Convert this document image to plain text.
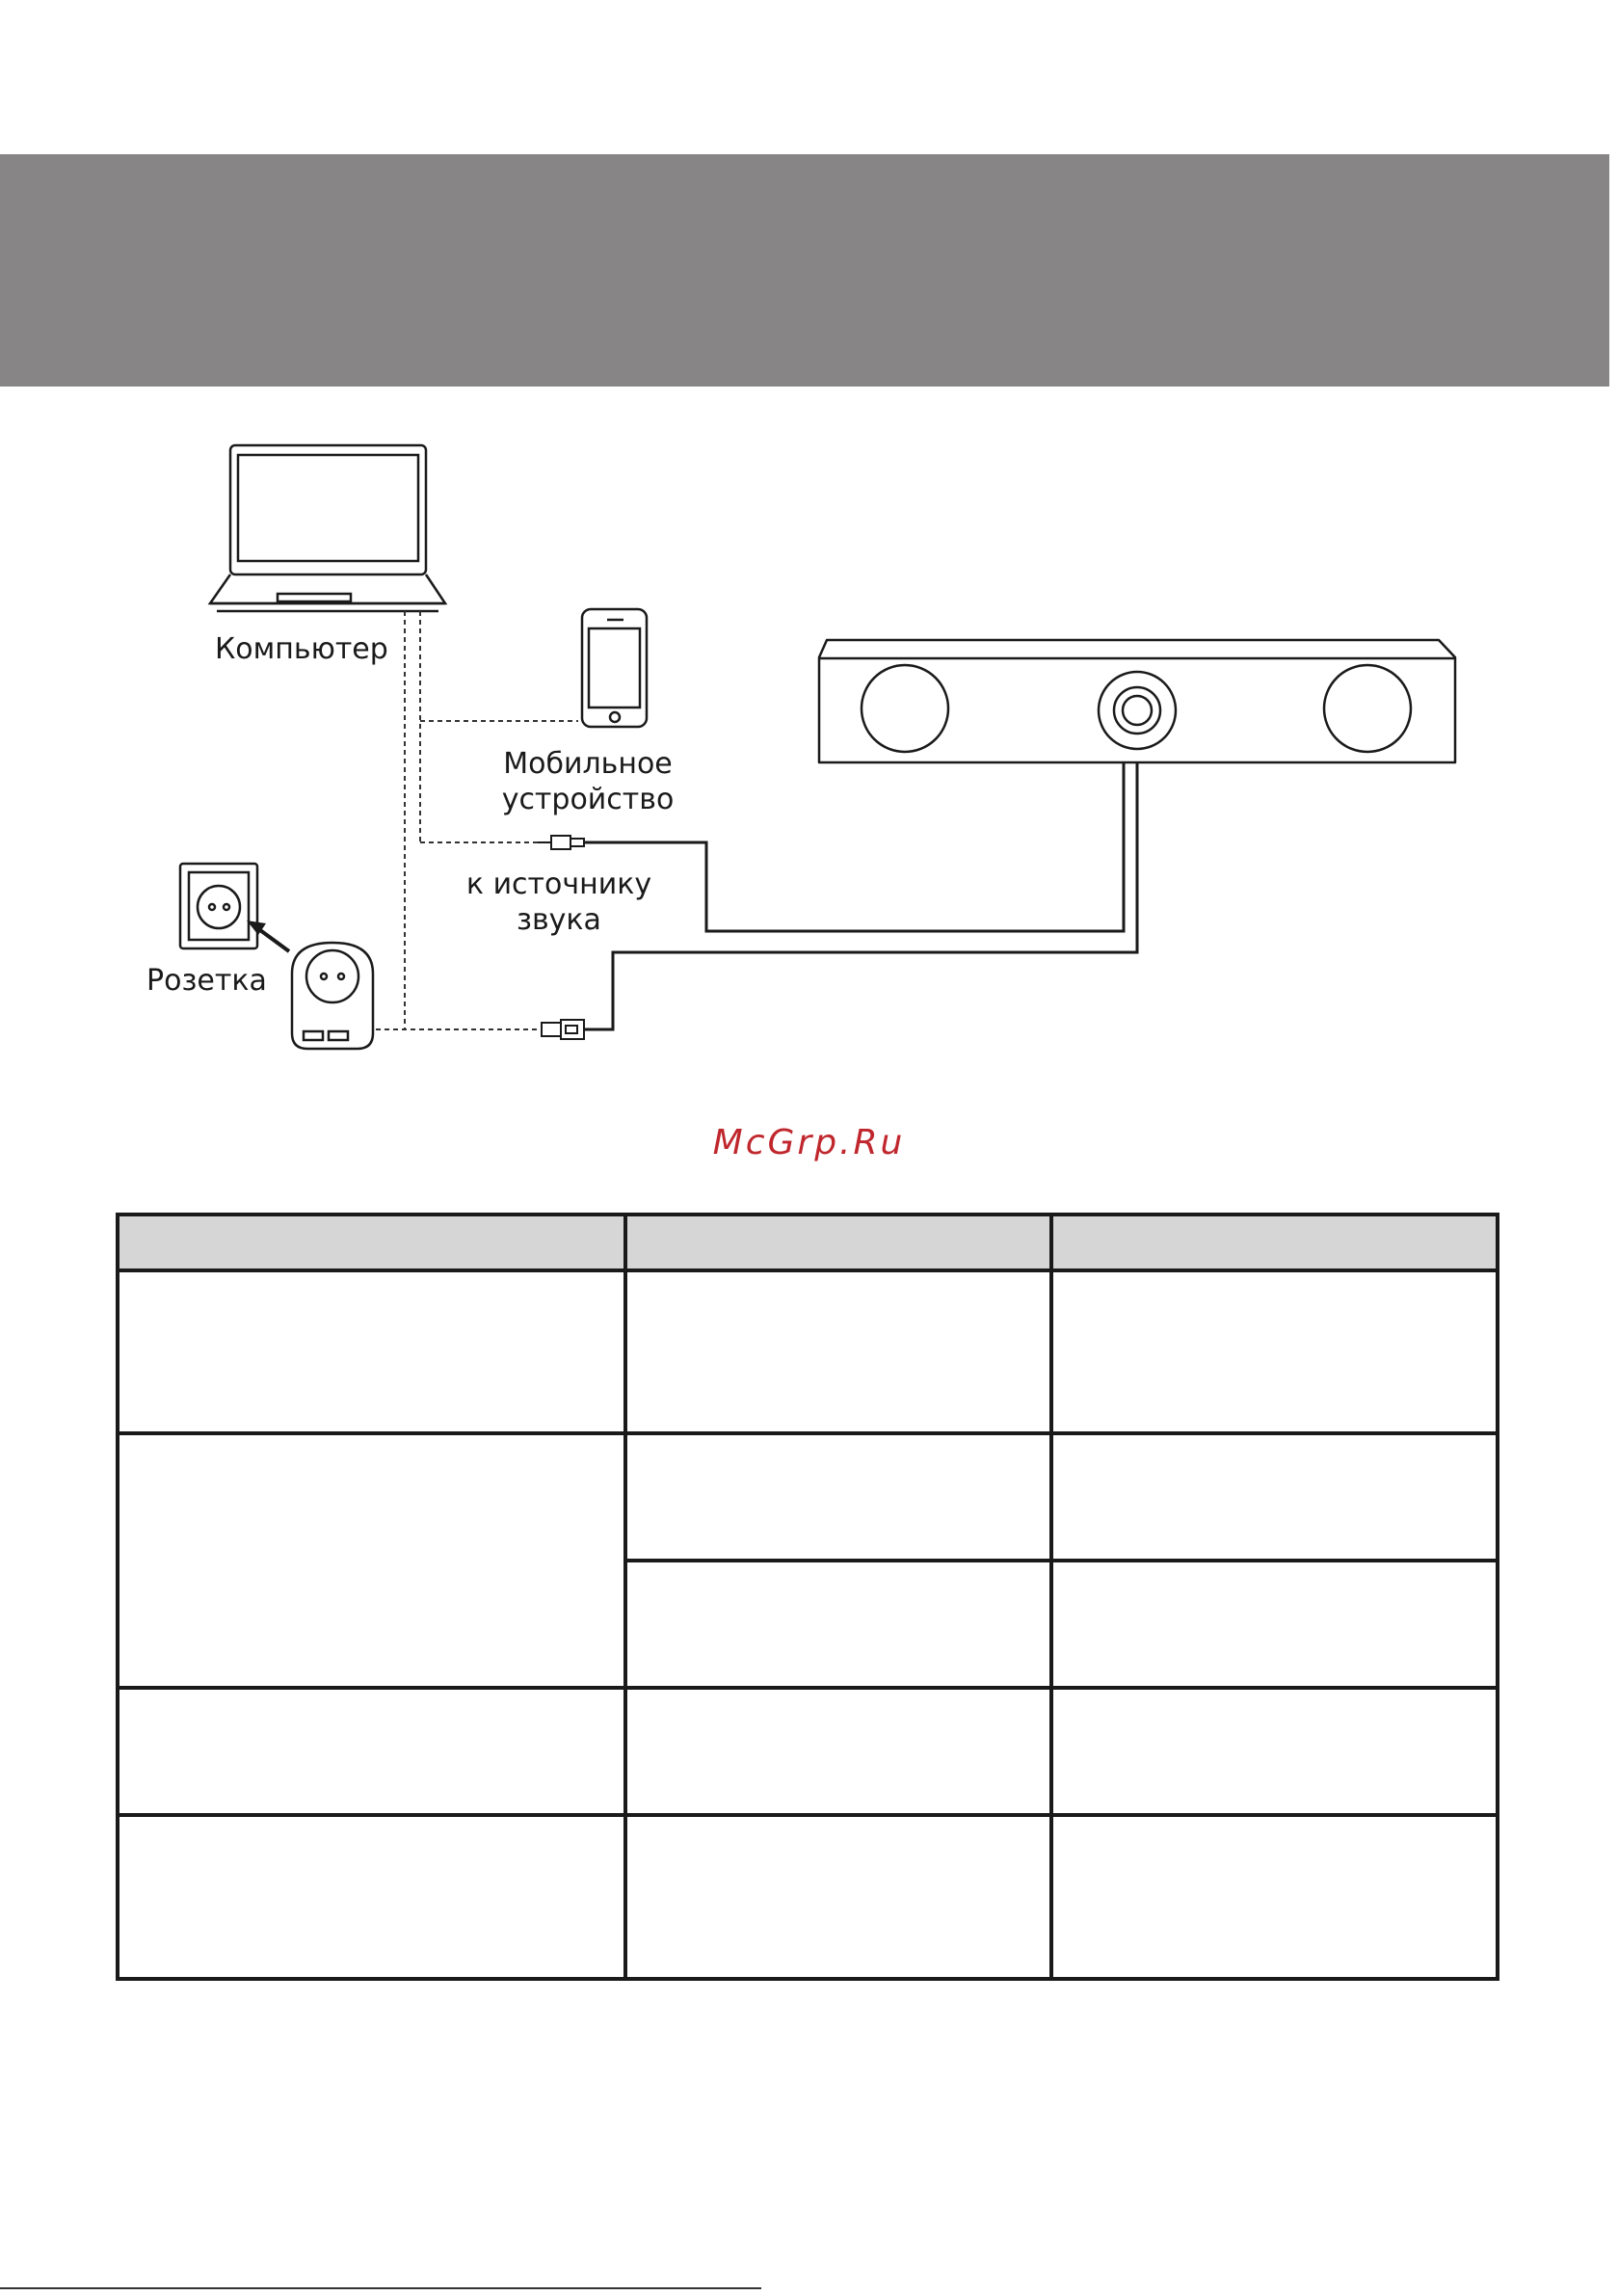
Компьютер
Мобильное
устройство
к источнику
звука
Розетка
McGrp.Ru
